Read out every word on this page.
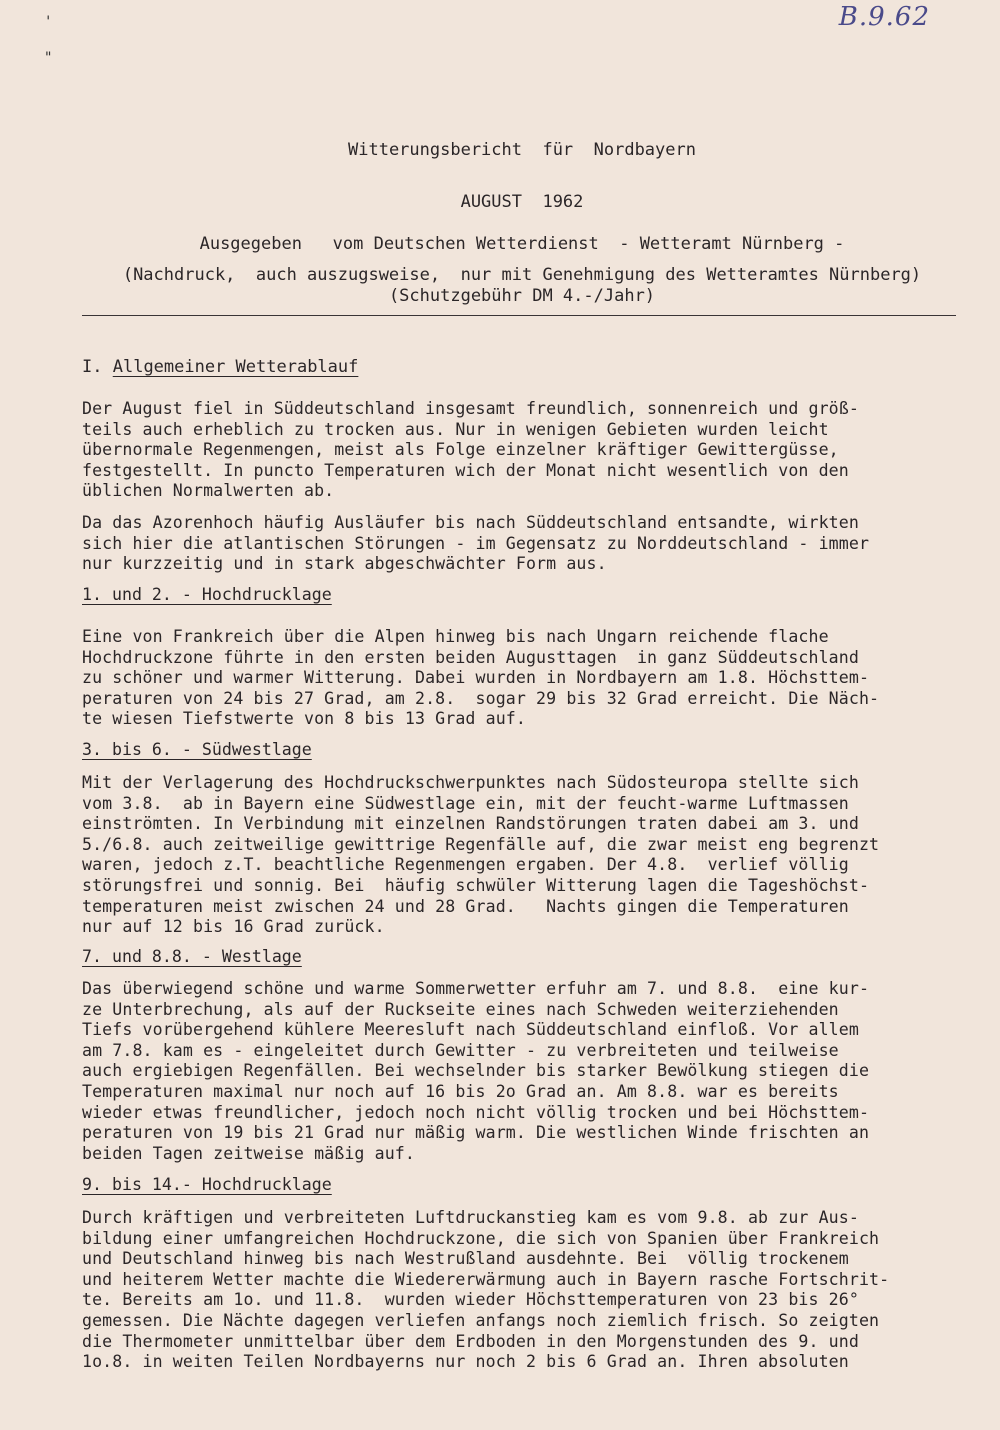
B.9.62
'
"
Witterungsbericht  für  Nordbayern
AUGUST  1962
Ausgegeben   vom Deutschen Wetterdienst  - Wetteramt Nürnberg -
(Nachdruck,  auch auszugsweise,  nur mit Genehmigung des Wetteramtes Nürnberg)
(Schutzgebühr DM 4.-/Jahr)
I. Allgemeiner Wetterablauf
Der August fiel in Süddeutschland insgesamt freundlich, sonnenreich und größ-
teils auch erheblich zu trocken aus. Nur in wenigen Gebieten wurden leicht
übernormale Regenmengen, meist als Folge einzelner kräftiger Gewittergüsse,
festgestellt. In puncto Temperaturen wich der Monat nicht wesentlich von den
üblichen Normalwerten ab.
Da das Azorenhoch häufig Ausläufer bis nach Süddeutschland entsandte, wirkten
sich hier die atlantischen Störungen - im Gegensatz zu Norddeutschland - immer
nur kurzzeitig und in stark abgeschwächter Form aus.
1. und 2. - Hochdrucklage
Eine von Frankreich über die Alpen hinweg bis nach Ungarn reichende flache
Hochdruckzone führte in den ersten beiden Augusttagen  in ganz Süddeutschland
zu schöner und warmer Witterung. Dabei wurden in Nordbayern am 1.8. Höchsttem-
peraturen von 24 bis 27 Grad, am 2.8.  sogar 29 bis 32 Grad erreicht. Die Näch-
te wiesen Tiefstwerte von 8 bis 13 Grad auf.
3. bis 6. - Südwestlage
Mit der Verlagerung des Hochdruckschwerpunktes nach Südosteuropa stellte sich
vom 3.8.  ab in Bayern eine Südwestlage ein, mit der feucht-warme Luftmassen
einströmten. In Verbindung mit einzelnen Randstörungen traten dabei am 3. und
5./6.8. auch zeitweilige gewittrige Regenfälle auf, die zwar meist eng begrenzt
waren, jedoch z.T. beachtliche Regenmengen ergaben. Der 4.8.  verlief völlig
störungsfrei und sonnig. Bei  häufig schwüler Witterung lagen die Tageshöchst-
temperaturen meist zwischen 24 und 28 Grad.   Nachts gingen die Temperaturen
nur auf 12 bis 16 Grad zurück.
7. und 8.8. - Westlage
Das überwiegend schöne und warme Sommerwetter erfuhr am 7. und 8.8.  eine kur-
ze Unterbrechung, als auf der Ruckseite eines nach Schweden weiterziehenden
Tiefs vorübergehend kühlere Meeresluft nach Süddeutschland einfloß. Vor allem
am 7.8. kam es - eingeleitet durch Gewitter - zu verbreiteten und teilweise
auch ergiebigen Regenfällen. Bei wechselnder bis starker Bewölkung stiegen die
Temperaturen maximal nur noch auf 16 bis 2o Grad an. Am 8.8. war es bereits
wieder etwas freundlicher, jedoch noch nicht völlig trocken und bei Höchsttem-
peraturen von 19 bis 21 Grad nur mäßig warm. Die westlichen Winde frischten an
beiden Tagen zeitweise mäßig auf.
9. bis 14.- Hochdrucklage
Durch kräftigen und verbreiteten Luftdruckanstieg kam es vom 9.8. ab zur Aus-
bildung einer umfangreichen Hochdruckzone, die sich von Spanien über Frankreich
und Deutschland hinweg bis nach Westrußland ausdehnte. Bei  völlig trockenem
und heiterem Wetter machte die Wiedererwärmung auch in Bayern rasche Fortschrit-
te. Bereits am 1o. und 11.8.  wurden wieder Höchsttemperaturen von 23 bis 26°
gemessen. Die Nächte dagegen verliefen anfangs noch ziemlich frisch. So zeigten
die Thermometer unmittelbar über dem Erdboden in den Morgenstunden des 9. und
1o.8. in weiten Teilen Nordbayerns nur noch 2 bis 6 Grad an. Ihren absoluten
